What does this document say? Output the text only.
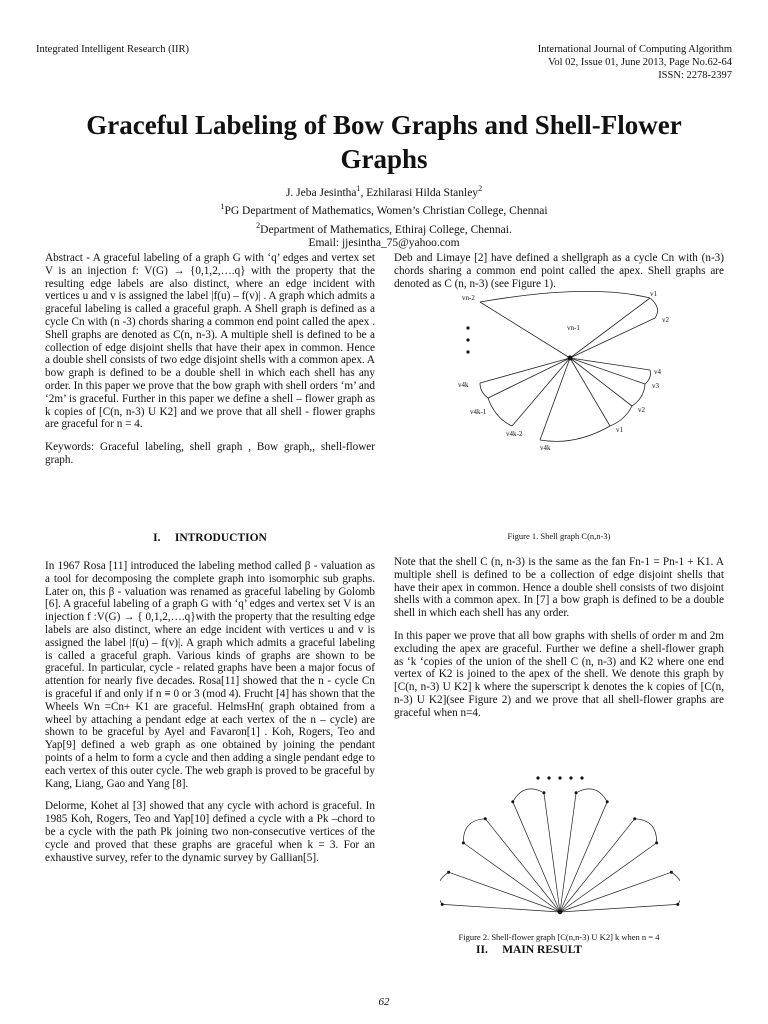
Integrated Intelligent Research (IIR)	International Journal of Computing Algorithm
Vol 02, Issue 01, June 2013, Page No.62-64
ISSN: 2278-2397
Graceful Labeling of Bow Graphs and Shell-Flower Graphs
J. Jeba Jesintha$^1$, Ezhilarasi Hilda Stanley$^2$
$^1$PG Department of Mathematics, Women’s Christian College, Chennai
$^2$Department of Mathematics, Ethiraj College, Chennai.
Email: jjesintha_75@yahoo.com

Abstract - A graceful labeling of a graph G with ‘q’ edges and vertex set V is an injection f: V(G) → {0,1,2,….q} with the property that the resulting edge labels are also distinct, where an edge incident with vertices u and v is assigned the label |f(u) – f(v)| . A graph which admits a graceful labeling is called a graceful graph. A Shell graph is defined as a cycle Cn with (n -3) chords sharing a common end point called the apex . Shell graphs are denoted as C(n, n-3). A multiple shell is defined to be a collection of edge disjoint shells that have their apex in common. Hence a double shell consists of two edge disjoint shells with a common apex. A bow graph is defined to be a double shell in which each shell has any order. In this paper we prove that the bow graph with shell orders ‘m’ and ‘2m’ is graceful. Further in this paper we define a shell – flower graph as k copies of [C(n, n-3) U K2] and we prove that all shell - flower graphs are graceful for n = 4.

Keywords: Graceful labeling, shell graph , Bow graph,, shell-flower graph.

I.     INTRODUCTION

In 1967 Rosa [11] introduced the labeling method called β - valuation as a tool for decomposing the complete graph into isomorphic sub graphs. Later on, this β - valuation was renamed as graceful labeling by Golomb [6]. A graceful labeling of a graph G with ‘q’ edges and vertex set V is an injection f :V(G) → { 0,1,2,….q}with the property that the resulting edge labels are also distinct, where an edge incident with vertices u and v is assigned the label |f(u) – f(v)|. A graph which admits a graceful labeling is called a graceful graph. Various kinds of graphs are shown to be graceful. In particular, cycle - related graphs have been a major focus of attention for nearly five decades. Rosa[11] showed that the n - cycle Cn is graceful if and only if n ≡ 0 or 3 (mod 4). Frucht [4] has shown that the Wheels Wn =Cn+ K1 are graceful. HelmsHn( graph obtained from a wheel by attaching a pendant edge at each vertex of the n – cycle) are shown to be graceful by Ayel and Favaron[1] . Koh, Rogers, Teo and Yap[9] defined a web graph as one obtained by joining the pendant points of a helm to form a cycle and then adding a single pendant edge to each vertex of this outer cycle. The web graph is proved to be graceful by Kang, Liang, Gao and Yang [8].

Delorme, Kohet al [3] showed that any cycle with achord is graceful. In 1985 Koh, Rogers, Teo and Yap[10] defined a cycle with a Pk –chord to be a cycle with the path Pk joining two non-consecutive vertices of the cycle and proved that these graphs are graceful when k = 3. For an exhaustive survey, refer to the dynamic survey by Gallian[5].

Deb and Limaye [2] have defined a shellgraph as a cycle Cn with (n-3) chords sharing a common end point called the apex. Shell graphs are denoted as C (n, n-3) (see Figure 1).
vn-2	v1
v2
vn-1
v3
v4
v2
v1
v4k
v4k-1
v4k-2
v4k
Figure 1. Shell graph C(n,n-3)

Note that the shell C (n, n-3) is the same as the fan Fn-1 = Pn-1 + K1. A multiple shell is defined to be a collection of edge disjoint shells that have their apex in common. Hence a double shell consists of two disjoint shells with a common apex. In [7] a bow graph is defined to be a double shell in which each shell has any order.

In this paper we prove that all bow graphs with shells of order m and 2m excluding the apex are graceful. Further we define a shell-flower graph as ‘k ‘copies of the union of the shell C (n, n-3) and K2 where one end vertex of K2 is joined to the apex of the shell. We denote this graph by [C(n, n-3) U K2] k where the superscript k denotes the k copies of [C(n, n-3) U K2](see Figure 2) and we prove that all shell-flower graphs are graceful when n=4.

Figure 2. Shell-flower graph [C(n,n-3) U K2] k when n = 4
II.     MAIN RESULT
62
